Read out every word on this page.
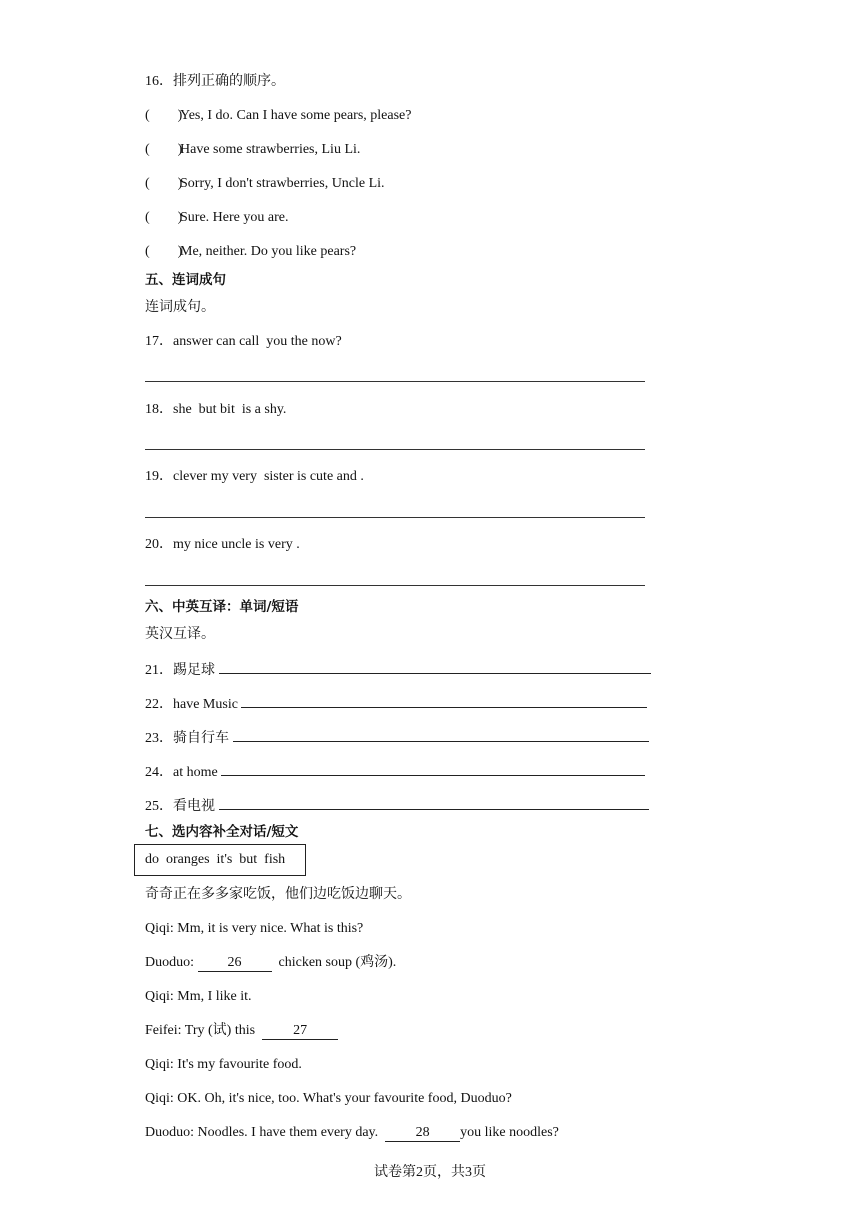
16．排列正确的顺序。
(        )Yes, I do. Can I have some pears, please?
(        )Have some strawberries, Liu Li.
(        )Sorry, I don't strawberries, Uncle Li.
(        )Sure. Here you are.
(        )Me, neither. Do you like pears?
五、连词成句
连词成句。
17．answer can call  you the now?
18．she  but bit  is a shy.
19．clever my very  sister is cute and .
20．my nice uncle is very .
六、中英互译：单词/短语
英汉互译。
21．踢足球
22．have Music
23．骑自行车
24．at home
25．看电视
七、选内容补全对话/短文
do  oranges  it's  but  fish
奇奇正在多多家吃饭，他们边吃饭边聊天。
Qiqi: Mm, it is very nice. What is this?
Duoduo: 26  chicken soup (鸡汤).
Qiqi: Mm, I like it.
Feifei: Try (试) this  27
Qiqi: It's my favourite food.
Qiqi: OK. Oh, it's nice, too. What's your favourite food, Duoduo?
Duoduo: Noodles. I have them every day.  28 you like noodles?
试卷第2页，共3页
